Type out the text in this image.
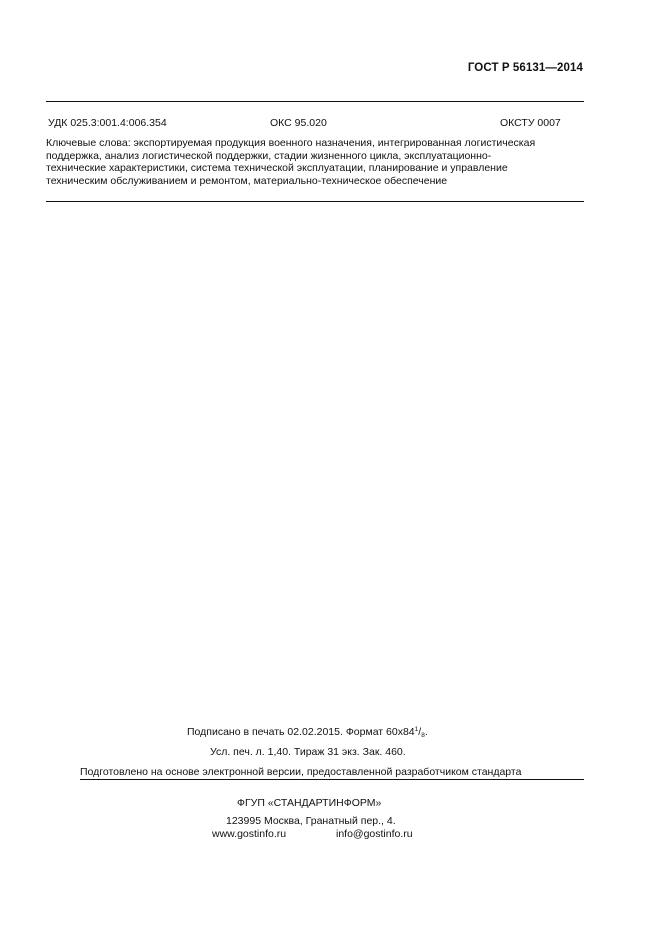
ГОСТ Р 56131—2014
УДК 025.3:001.4:006.354	ОКС 95.020	ОКСТУ 0007
Ключевые слова: экспортируемая продукция военного назначения, интегрированная логистическая
поддержка, анализ логистической поддержки, стадии жизненного цикла, эксплуатационно-
технические характеристики, система технической эксплуатации, планирование и управление
техническим обслуживанием и ремонтом, материально-техническое обеспечение
Подписано в печать 02.02.2015. Формат $60x84^1/_8$.
Усл. печ. л. 1,40. Тираж 31 экз. Зак. 460.
Подготовлено на основе электронной версии, предоставленной разработчиком стандарта
ФГУП «СТАНДАРТИНФОРМ»
123995 Москва, Гранатный пер., 4.
www.gostinfo.ru	info@gostinfo.ru
